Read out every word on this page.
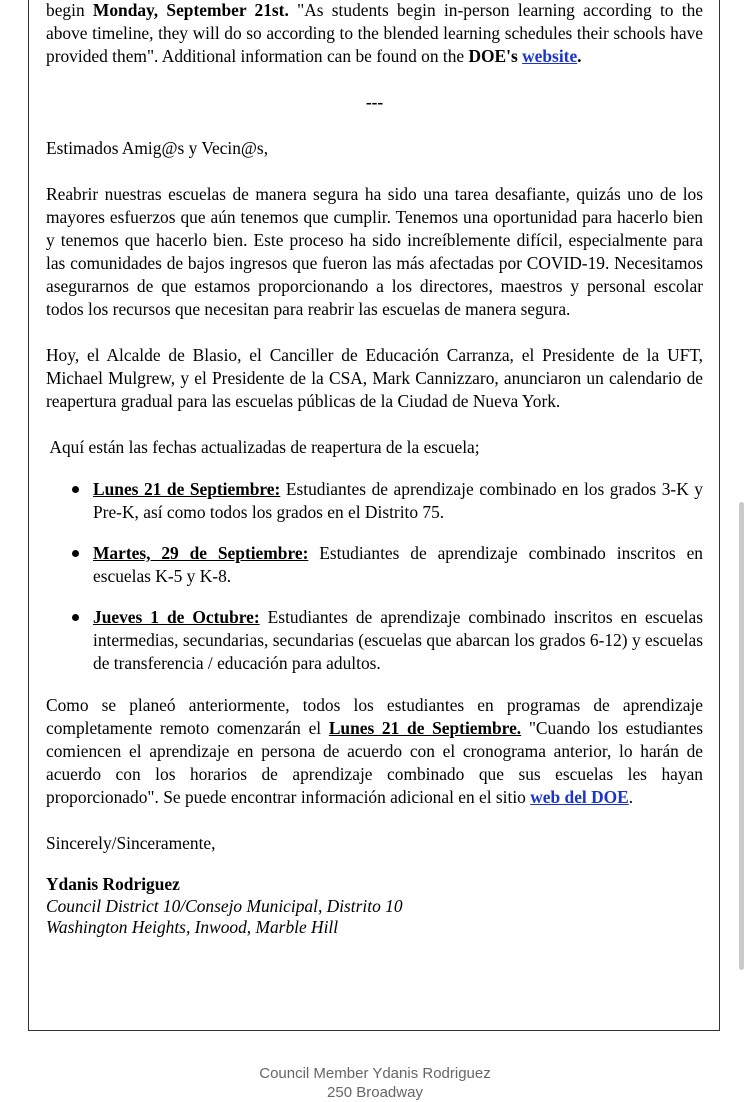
begin Monday, September 21st. "As students begin in-person learning according to the above timeline, they will do so according to the blended learning schedules their schools have provided them". Additional information can be found on the DOE's website.

---

Estimados Amig@s y Vecin@s,

Reabrir nuestras escuelas de manera segura ha sido una tarea desafiante, quizás uno de los mayores esfuerzos que aún tenemos que cumplir. Tenemos una oportunidad para hacerlo bien y tenemos que hacerlo bien. Este proceso ha sido increíblemente difícil, especialmente para las comunidades de bajos ingresos que fueron las más afectadas por COVID-19. Necesitamos asegurarnos de que estamos proporcionando a los directores, maestros y personal escolar todos los recursos que necesitan para reabrir las escuelas de manera segura.

Hoy, el Alcalde de Blasio, el Canciller de Educación Carranza, el Presidente de la UFT, Michael Mulgrew, y el Presidente de la CSA, Mark Cannizzaro, anunciaron un calendario de reapertura gradual para las escuelas públicas de la Ciudad de Nueva York.

Aquí están las fechas actualizadas de reapertura de la escuela;

Lunes 21 de Septiembre: Estudiantes de aprendizaje combinado en los grados 3-K y Pre-K, así como todos los grados en el Distrito 75.
Martes, 29 de Septiembre: Estudiantes de aprendizaje combinado inscritos en escuelas K-5 y K-8.
Jueves 1 de Octubre: Estudiantes de aprendizaje combinado inscritos en escuelas intermedias, secundarias, secundarias (escuelas que abarcan los grados 6-12) y escuelas de transferencia / educación para adultos.

Como se planeó anteriormente, todos los estudiantes en programas de aprendizaje completamente remoto comenzarán el Lunes 21 de Septiembre. "Cuando los estudiantes comiencen el aprendizaje en persona de acuerdo con el cronograma anterior, lo harán de acuerdo con los horarios de aprendizaje combinado que sus escuelas les hayan proporcionado". Se puede encontrar información adicional en el sitio web del DOE.

Sincerely/Sinceramente,

Ydanis Rodriguez

Council District 10/Consejo Municipal, Distrito 10

Washington Heights, Inwood, Marble Hill

Council Member Ydanis Rodriguez
250 Broadway
